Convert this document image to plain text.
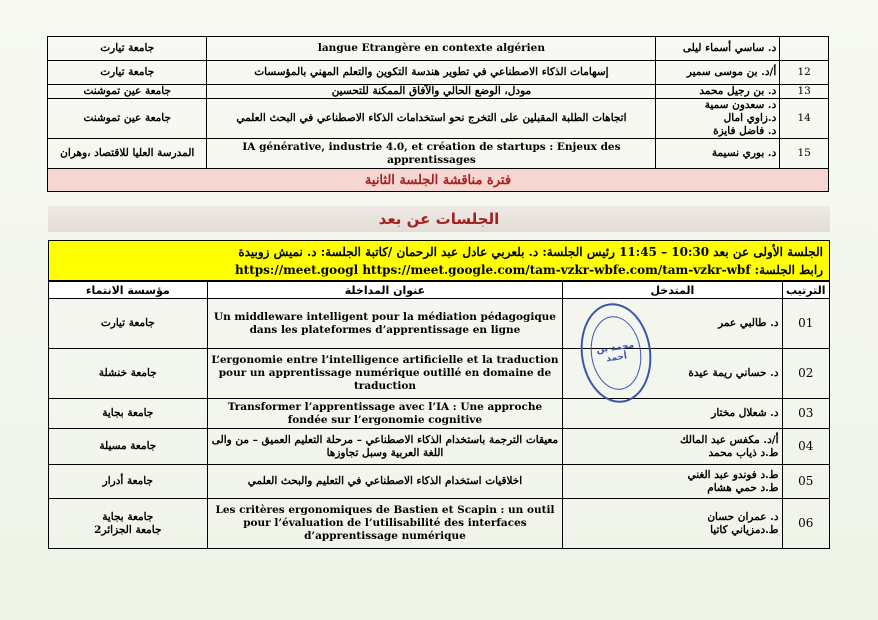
	د. ساسي أسماء ليلى	langue Etrangère en contexte algérien	جامعة تيارت
12	أ/د. بن موسى سمير	إسهامات الذكاء الاصطناعي في تطوير هندسة التكوين والتعلم المهني بالمؤسسات	جامعة تيارت
13	د. بن رجيل محمد	مودل، الوضع الحالي والآفاق الممكنة للتحسين	جامعة عين تموشنت
14	د. سعدون سمية
د.زاوي امال
د. فاضل فايزة	اتجاهات الطلبة المقبلين على التخرج نحو استخدامات الذكاء الاصطناعي في البحث العلمي	جامعة عين تموشنت
15	د. بوري نسيمة	IA générative, industrie 4.0, et création de startups : Enjeux des apprentissages	المدرسة العليا للاقتصاد ،وهران
فترة مناقشة الجلسة الثانية			
الجلسات عن بعد
الجلسة الأولى عن بعد 10:30 – 11:45 رئيس الجلسة: د. بلعربي عادل عبد الرحمان /كاتبة الجلسة: د. نميش زوبيدة
رابط الجلسة: https://meet.googl https://meet.google.com/tam-vzkr-wbfe.com/tam-vzkr-wbf
الترتيب	المتدخل	عنوان المداخلة	مؤسسة الانتماء
01	د. طالبي عمر	Un middleware intelligent pour la médiation pédagogique dans les plateformes d’apprentissage en ligne	جامعة تيارت

02	د. حساني ريمة عيدة	L’ergonomie entre l’intelligence artificielle et la traduction pour un apprentissage numérique outillé en domaine de traduction	جامعة خنشلة

03	د. شعلال مختار	Transformer l’apprentissage avec l’IA : Une approche fondée sur l’ergonomie cognitive	جامعة بجاية

04	أ/د. مكفس عبد المالك
ط.د ذياب محمد	معيقات الترجمة باستخدام الذكاء الاصطناعي – مرحلة التعليم العميق – من والى اللغة العربية وسبل تجاوزها	جامعة مسيلة

05	ط.د فوندو عبد الغني
ط.د حمي هشام	اخلاقيات استخدام الذكاء الاصطناعي في التعليم والبحث العلمي	جامعة أدرار

06	د. عمران حسان
ط.دمزياني كاتيا	Les critères ergonomiques de Bastien et Scapin : un outil pour l’évaluation de l’utilisabilité des interfaces d’apprentissage numérique	جامعة بجاية
جامعة الجزائر2
محمد بن أحمد
